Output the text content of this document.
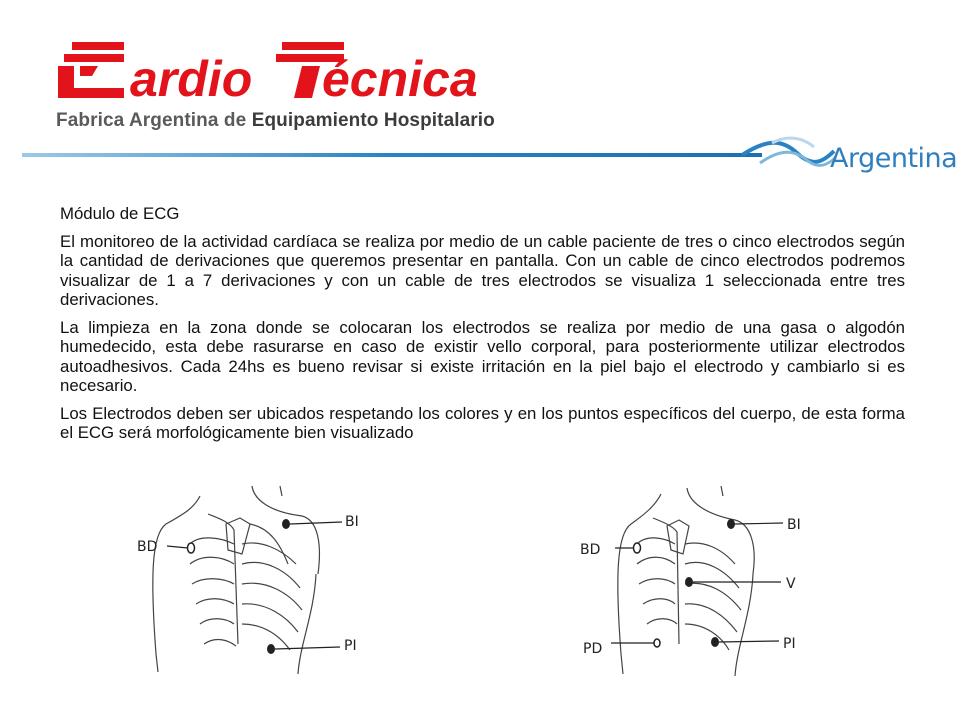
ardio écnica
Fabrica Argentina de Equipamiento Hospitalario
Argentina

Módulo de ECG

El monitoreo de la actividad cardíaca se realiza por medio de un cable paciente de tres o cinco electrodos según la cantidad de derivaciones que queremos presentar en pantalla. Con un cable de cinco electrodos podremos visualizar de 1 a 7 derivaciones y con un cable de tres electrodos se visualiza 1 seleccionada entre tres derivaciones.

La limpieza en la zona donde se colocaran los electrodos se realiza por medio de una gasa o algodón humedecido, esta debe rasurarse en caso de existir vello corporal, para posteriormente utilizar electrodos autoadhesivos. Cada 24hs es bueno revisar si existe irritación en la piel bajo el electrodo y cambiarlo si es necesario.

Los Electrodos deben ser ubicados respetando los colores y en los puntos específicos del cuerpo, de esta forma el ECG será morfológicamente bien visualizado

BD
BI
PI
BD
BI
V
PD	PI
